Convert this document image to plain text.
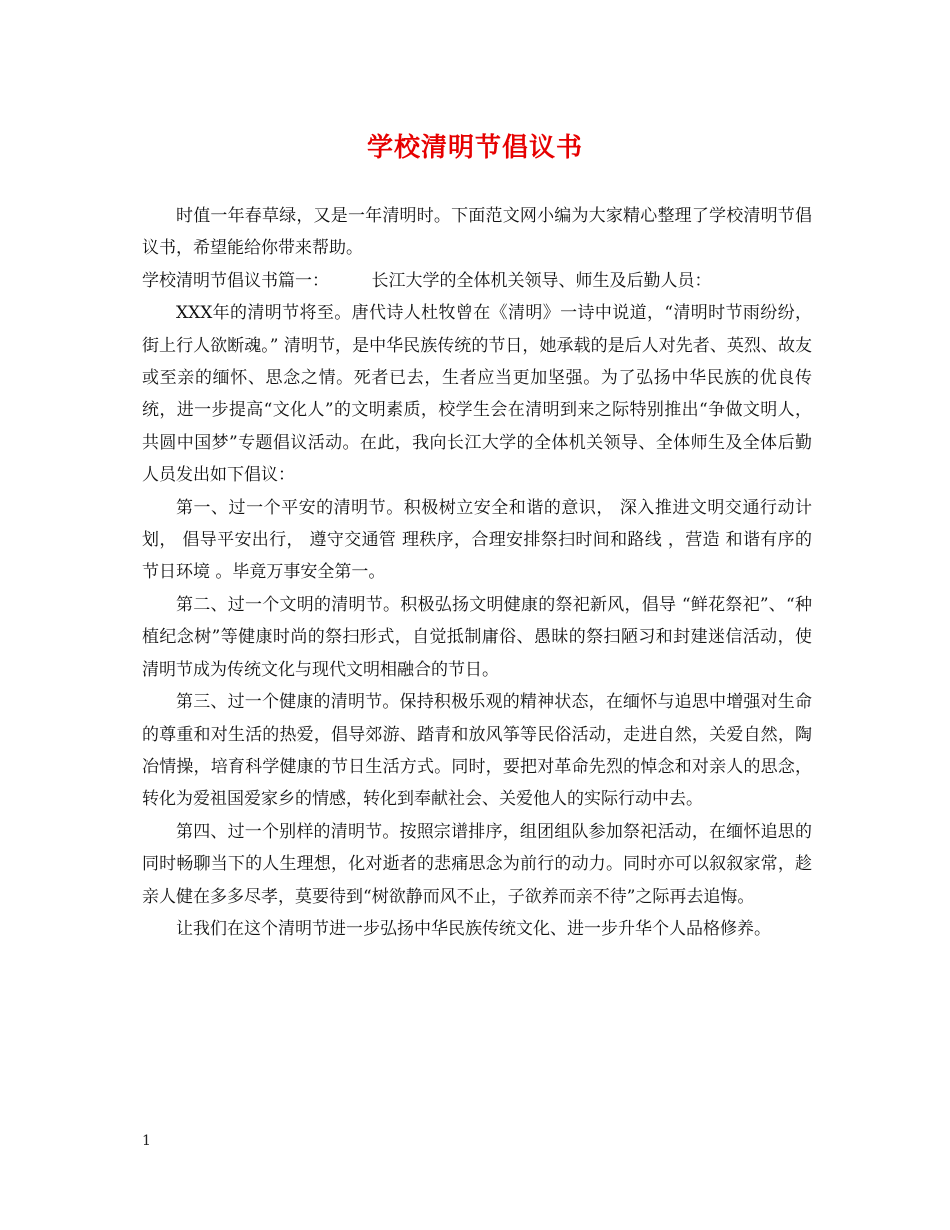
学校清明节倡议书

时值一年春草绿，又是一年清明时。下面范文网小编为大家精心整理了学校清明节倡议书，希望能给你带来帮助。

学校清明节倡议书篇一：　　　长江大学的全体机关领导、师生及后勤人员：

XXX年的清明节将至。唐代诗人杜牧曾在《清明》一诗中说道，“清明时节雨纷纷，街上行人欲断魂。” 清明节，是中华民族传统的节日，她承载的是后人对先者、英烈、故友或至亲的缅怀、思念之情。死者已去，生者应当更加坚强。为了弘扬中华民族的优良传统，进一步提高“文化人”的文明素质，校学生会在清明到来之际特别推出“争做文明人，共圆中国梦”专题倡议活动。在此，我向长江大学的全体机关领导、全体师生及全体后勤人员发出如下倡议：

第一、过一个平安的清明节。积极树立安全和谐的意识， 深入推进文明交通行动计划， 倡导平安出行， 遵守交通管 理秩序，合理安排祭扫时间和路线 ，营造 和谐有序的节日环境 。毕竟万事安全第一。

第二、过一个文明的清明节。积极弘扬文明健康的祭祀新风，倡导 “鲜花祭祀”、“种植纪念树”等健康时尚的祭扫形式，自觉抵制庸俗、愚昧的祭扫陋习和封建迷信活动，使清明节成为传统文化与现代文明相融合的节日。

第三、过一个健康的清明节。保持积极乐观的精神状态，在缅怀与追思中增强对生命的尊重和对生活的热爱，倡导郊游、踏青和放风筝等民俗活动，走进自然，关爱自然，陶冶情操，培育科学健康的节日生活方式。同时，要把对革命先烈的悼念和对亲人的思念，转化为爱祖国爱家乡的情感，转化到奉献社会、关爱他人的实际行动中去。

第四、过一个别样的清明节。按照宗谱排序，组团组队参加祭祀活动，在缅怀追思的同时畅聊当下的人生理想，化对逝者的悲痛思念为前行的动力。同时亦可以叙叙家常，趁亲人健在多多尽孝，莫要待到“树欲静而风不止，子欲养而亲不待”之际再去追悔。

让我们在这个清明节进一步弘扬中华民族传统文化、进一步升华个人品格修养。

1
